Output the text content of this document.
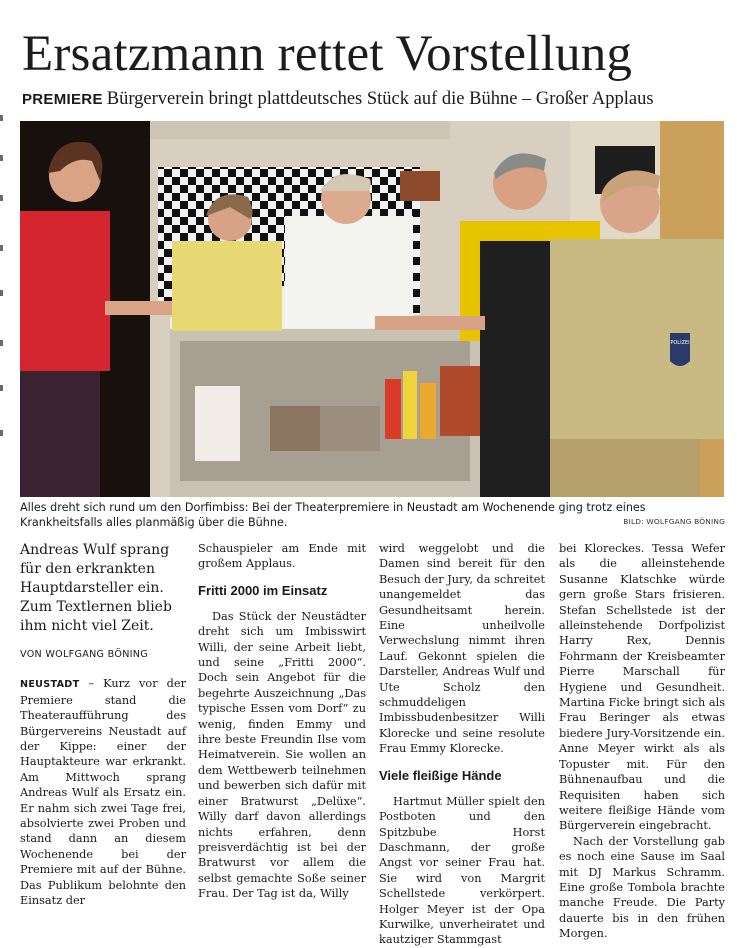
Ersatzmann rettet Vorstellung
PREMIERE Bürgerverein bringt plattdeutsches Stück auf die Bühne – Großer Applaus
POLIZEI
Alles dreht sich rund um den Dorfimbiss: Bei der Theaterpremiere in Neustadt am Wochenende ging trotz eines Krankheitsfalls alles planmäßig über die Bühne.	BILD: WOLFGANG BÖNING
Andreas Wulf sprang für den erkrankten Hauptdarsteller ein. Zum Textlernen blieb ihm nicht viel Zeit.
VON WOLFGANG BÖNING

NEUSTADT – Kurz vor der Premiere stand die Theateraufführung des Bürgervereins Neustadt auf der Kippe: einer der Hauptakteure war erkrankt. Am Mittwoch sprang Andreas Wulf als Ersatz ein. Er nahm sich zwei Tage frei, absolvierte zwei Proben und stand dann an diesem Wochenende bei der Premiere mit auf der Bühne. Das Publikum belohnte den Einsatz der

Schauspieler am Ende mit großem Applaus.

Fritti 2000 im Einsatz

Das Stück der Neustädter dreht sich um Imbisswirt Willi, der seine Arbeit liebt, und seine „Fritti 2000“. Doch sein Angebot für die begehrte Auszeichnung „Das typische Essen vom Dorf“ zu wenig, finden Emmy und ihre beste Freundin Ilse vom Heimatverein. Sie wollen an dem Wettbewerb teilnehmen und bewerben sich dafür mit einer Bratwurst „Delüxe“. Willy darf davon allerdings nichts erfahren, denn preisverdächtig ist bei der Bratwurst vor allem die selbst gemachte Soße seiner Frau. Der Tag ist da, Willy

wird weggelobt und die Damen sind bereit für den Besuch der Jury, da schreitet unangemeldet das Gesundheitsamt herein. Eine unheilvolle Verwechslung nimmt ihren Lauf. Gekonnt spielen die Darsteller, Andreas Wulf und Ute Scholz den schmuddeligen Imbissbudenbesitzer Willi Klorecke und seine resolute Frau Emmy Klorecke.

Viele fleißige Hände

Hartmut Müller spielt den Postboten und den Spitzbube Horst Daschmann, der große Angst vor seiner Frau hat. Sie wird von Margrit Schellstede verkörpert. Holger Meyer ist der Opa Kurwilke, unverheiratet und kautziger Stammgast

bei Kloreckes. Tessa Wefer als die alleinstehende Susanne Klatschke würde gern große Stars frisieren. Stefan Schellstede ist der alleinstehende Dorfpolizist Harry Rex, Dennis Fohrmann der Kreisbeamter Pierre Marschall für Hygiene und Gesundheit. Martina Ficke bringt sich als Frau Beringer als etwas biedere Jury-Vorsitzende ein. Anne Meyer wirkt als als Topuster mit. Für den Bühnenaufbau und die Requisiten haben sich weitere fleißige Hände vom Bürgerverein eingebracht.

Nach der Vorstellung gab es noch eine Sause im Saal mit DJ Markus Schramm. Eine große Tombola brachte manche Freude. Die Party dauerte bis in den frühen Morgen.
